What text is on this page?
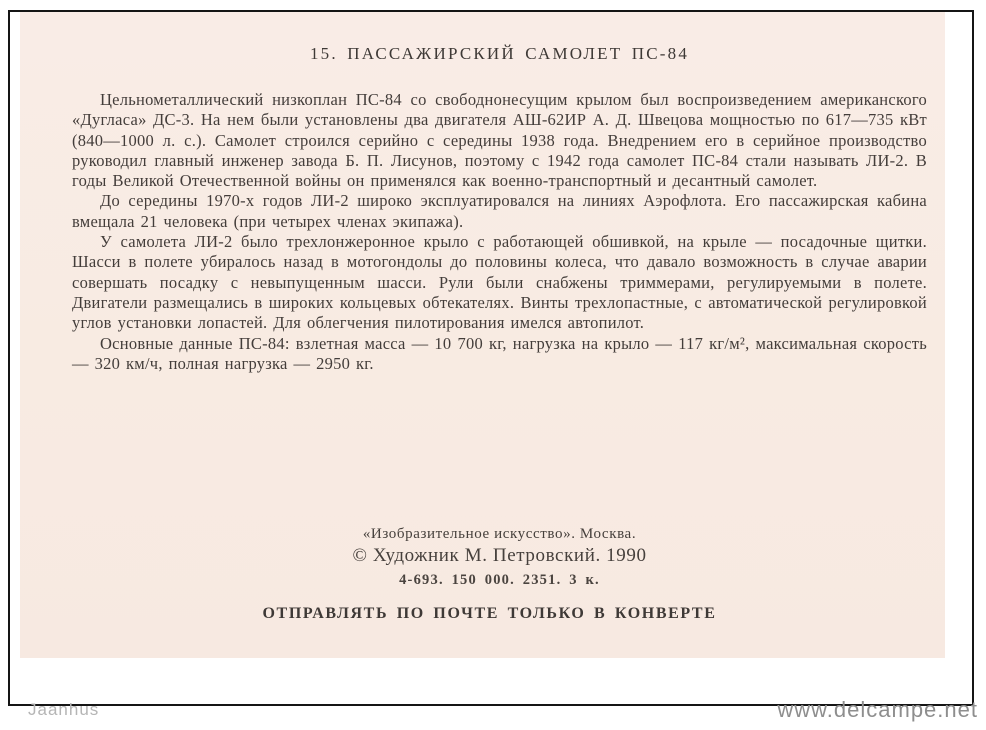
15. ПАССАЖИРСКИЙ САМОЛЕТ ПС-84

Цельнометаллический низкоплан ПС-84 со свободнонесущим крылом был воспроизведением американского «Дугласа» ДС-3. На нем были установлены два двигателя АШ-62ИР А. Д. Швецова мощностью по 617—735 кВт (840—1000 л. с.). Самолет строился серийно с середины 1938 года. Внедрением его в серийное производство руководил главный инженер завода Б. П. Лисунов, поэтому с 1942 года самолет ПС-84 стали называть ЛИ-2. В годы Великой Отечественной войны он применялся как военно-транспортный и десантный самолет.

До середины 1970-х годов ЛИ-2 широко эксплуатировался на линиях Аэрофлота. Его пассажирская кабина вмещала 21 человека (при четырех членах экипажа).

У самолета ЛИ-2 было трехлонжеронное крыло с работающей обшивкой, на крыле — посадочные щитки. Шасси в полете убиралось назад в мотогондолы до половины колеса, что давало возможность в случае аварии совершать посадку с невыпущенным шасси. Рули были снабжены триммерами, регулируемыми в полете. Двигатели размещались в широких кольцевых обтекателях. Винты трехлопастные, с автоматической регулировкой углов установки лопастей. Для облегчения пилотирования имелся автопилот.

Основные данные ПС-84: взлетная масса — 10 700 кг, нагрузка на крыло — 117 кг/м², максимальная скорость — 320 км/ч, полная нагрузка — 2950 кг.

«Изобразительное искусство». Москва.

© Художник М. Петровский. 1990

4-693. 150 000. 2351. 3 к.

ОТПРАВЛЯТЬ ПО ПОЧТЕ ТОЛЬКО В КОНВЕРТЕ
Jaanhus	www.delcampe.net
